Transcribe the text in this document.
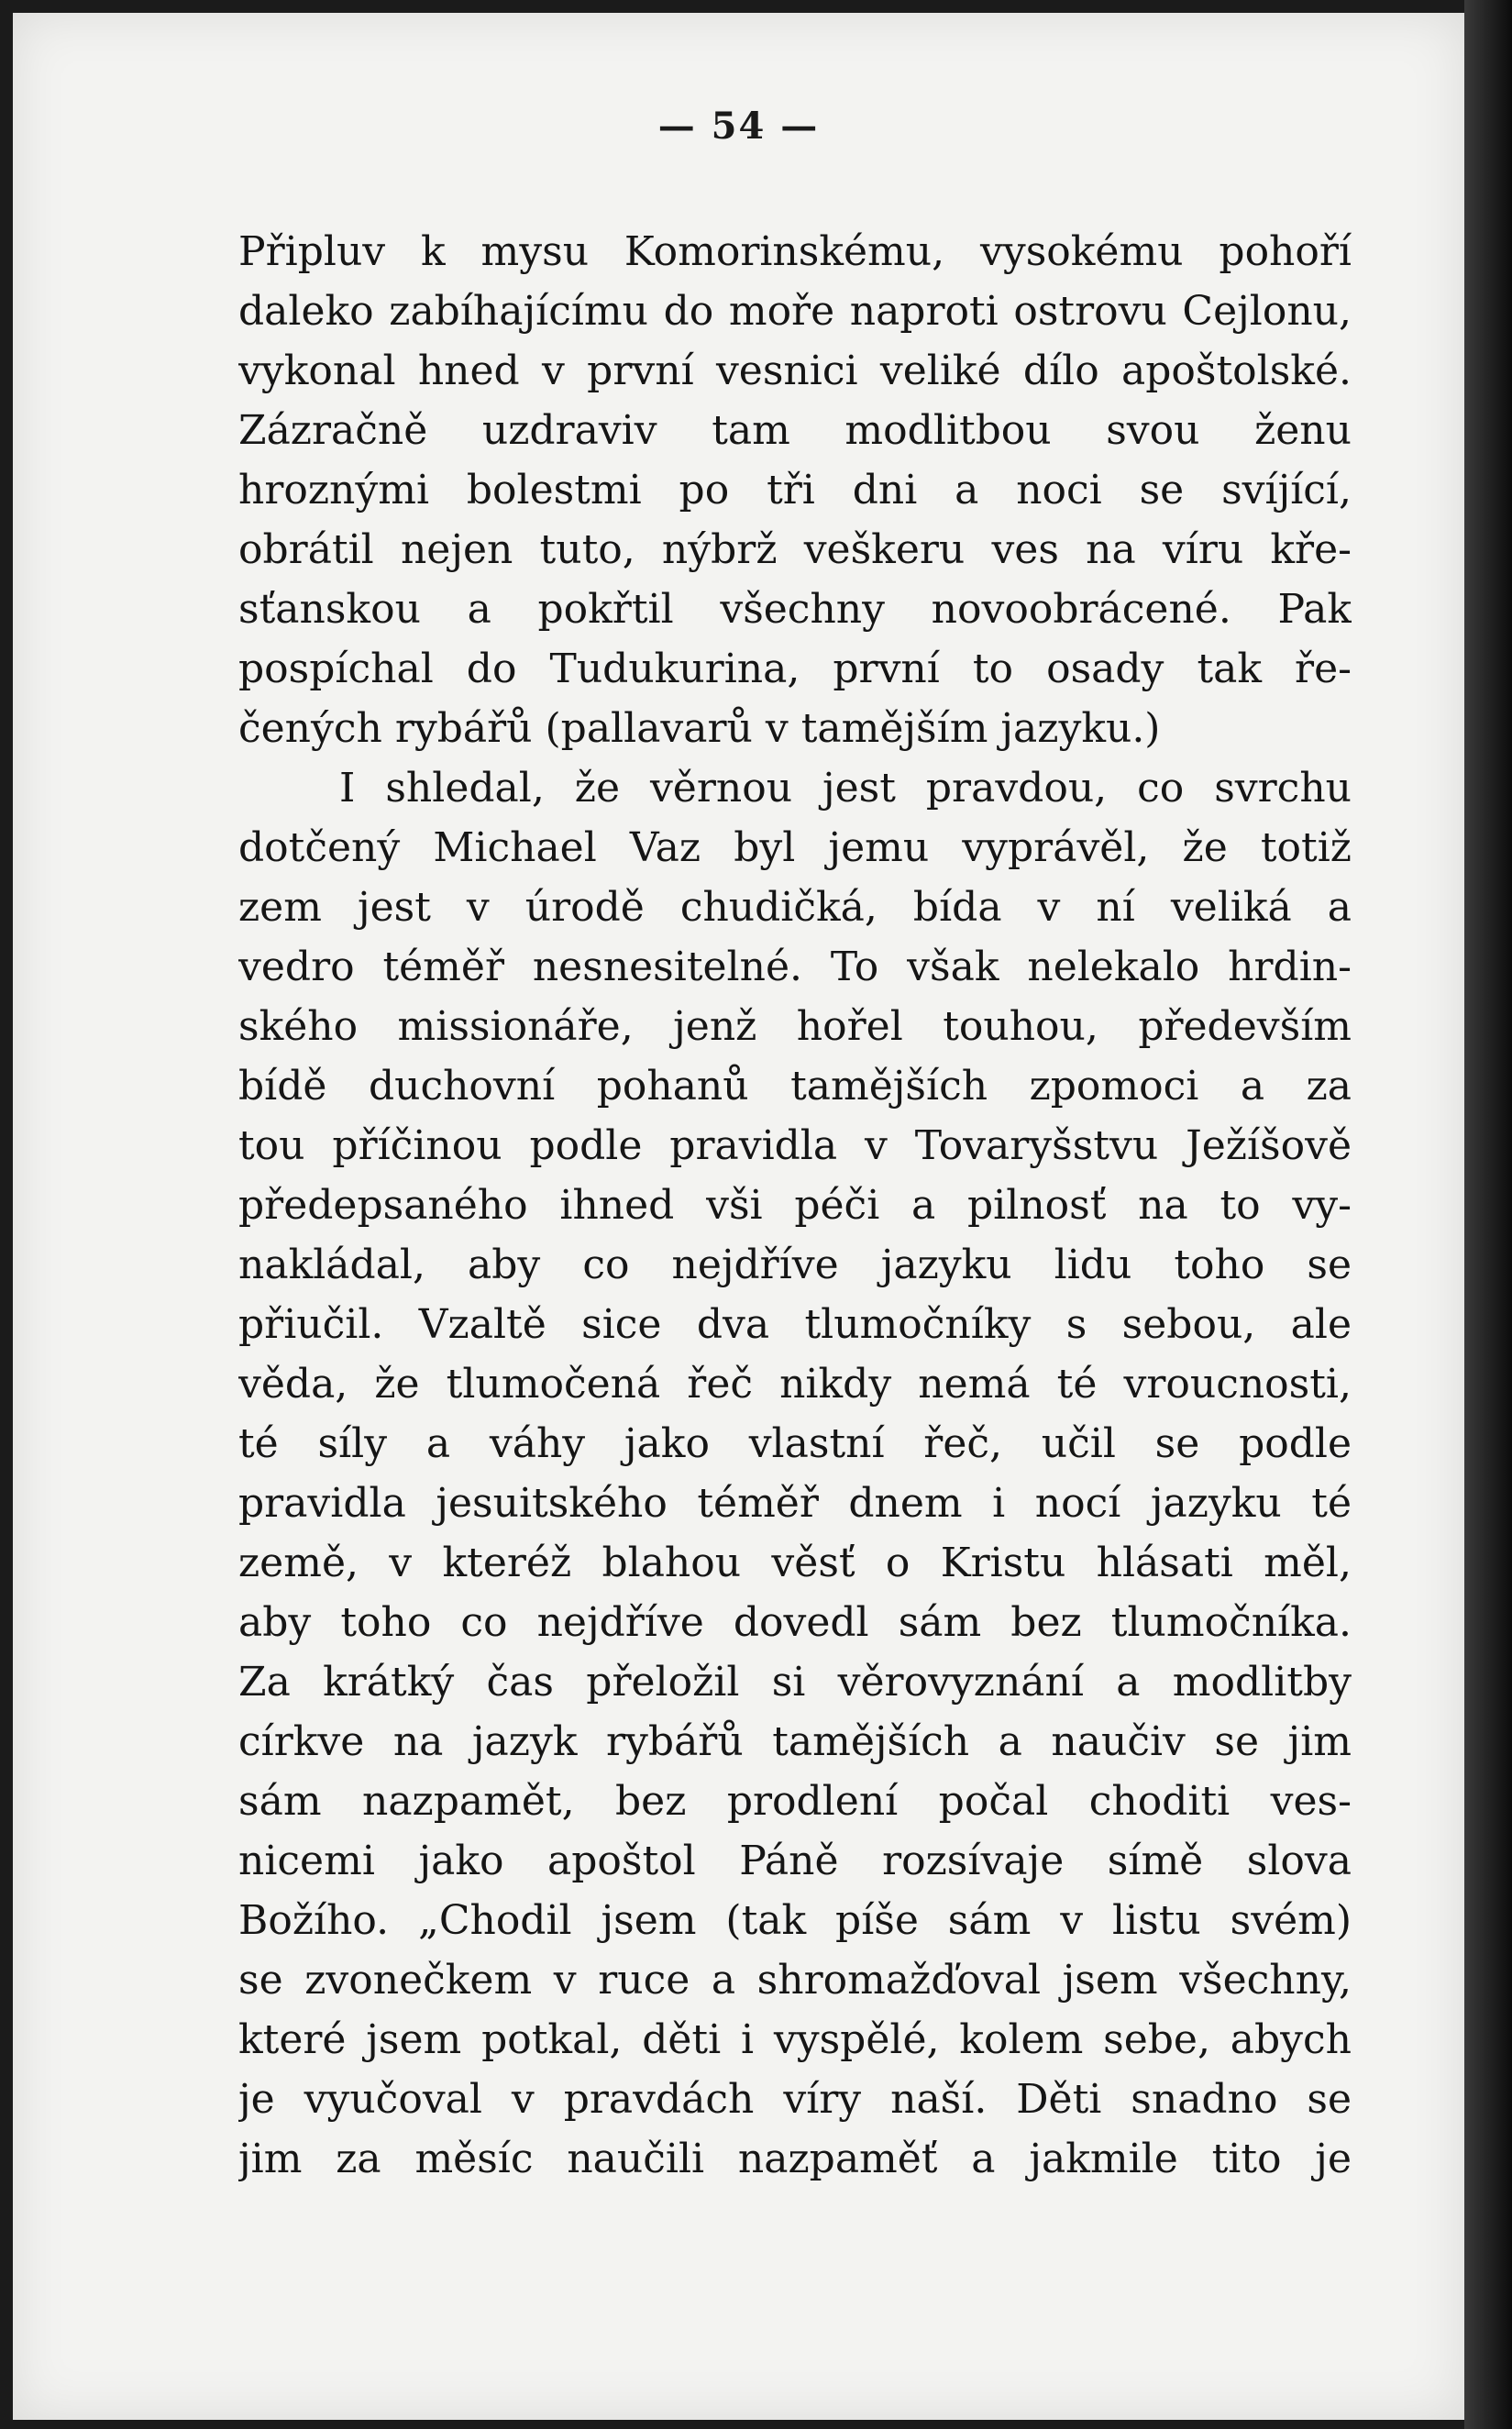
— 54 —
Připluv k mysu Komorinskému, vysokému pohoří
daleko zabíhajícímu do moře naproti ostrovu Cejlonu,
vykonal hned v první vesnici veliké dílo apoštolské.
Zázračně uzdraviv tam modlitbou svou ženu
hroznými bolestmi po tři dni a noci se svíjící,
obrátil nejen tuto, nýbrž veškeru ves na víru kře-
sťanskou a pokřtil všechny novoobrácené. Pak
pospíchal do Tudukurina, první to osady tak ře-
čených rybářů (pallavarů v tamějším jazyku.)
I shledal, že věrnou jest pravdou, co svrchu
dotčený Michael Vaz byl jemu vyprávěl, že totiž
zem jest v úrodě chudičká, bída v ní veliká a
vedro téměř nesnesitelné. To však nelekalo hrdin-
ského missionáře, jenž hořel touhou, především
bídě duchovní pohanů tamějších zpomoci a za
tou příčinou podle pravidla v Tovaryšstvu Ježíšově
předepsaného ihned vši péči a pilnosť na to vy-
nakládal, aby co nejdříve jazyku lidu toho se
přiučil. Vzaltě sice dva tlumočníky s sebou, ale
věda, že tlumočená řeč nikdy nemá té vroucnosti,
té síly a váhy jako vlastní řeč, učil se podle
pravidla jesuitského téměř dnem i nocí jazyku té
země, v kteréž blahou věsť o Kristu hlásati měl,
aby toho co nejdříve dovedl sám bez tlumočníka.
Za krátký čas přeložil si věrovyznání a modlitby
církve na jazyk rybářů tamějších a naučiv se jim
sám nazpamět, bez prodlení počal choditi ves-
nicemi jako apoštol Páně rozsívaje símě slova
Božího. „Chodil jsem (tak píše sám v listu svém)
se zvonečkem v ruce a shromažďoval jsem všechny,
které jsem potkal, děti i vyspělé, kolem sebe, abych
je vyučoval v pravdách víry naší. Děti snadno se
jim za měsíc naučili nazpaměť a jakmile tito je
